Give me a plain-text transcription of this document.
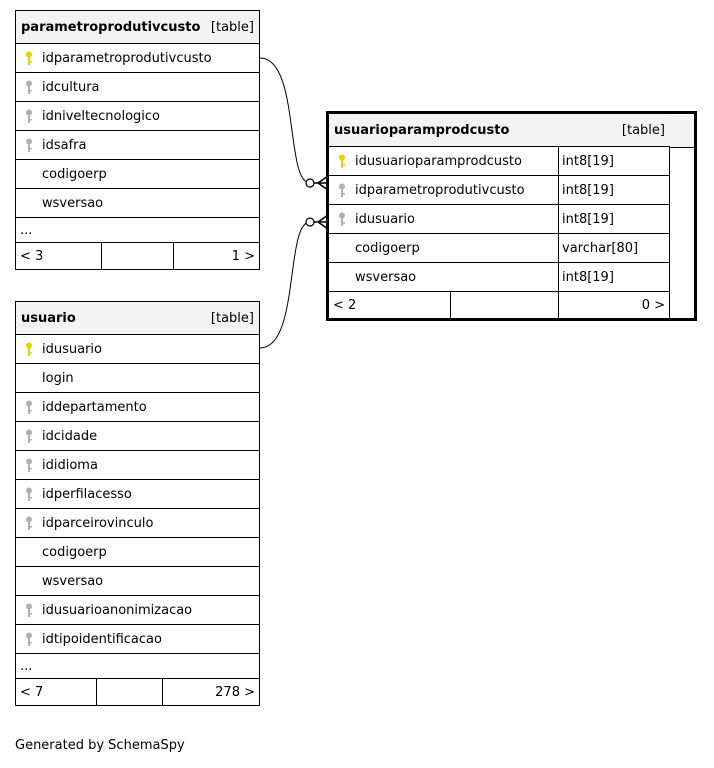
parametroprodutivcusto [table]
idparametroprodutivcusto
idcultura
idniveltecnologico
idsafra
codigoerp
wsversao
...
< 3	1 >
usuarioparamprodcusto	[table]
idusuarioparamprodcusto	int8[19]
idparametroprodutivcusto	int8[19]
idusuario	int8[19]
codigoerp	varchar[80]
wsversao	int8[19]
< 2	0 >
usuario	[table]
idusuario
login
iddepartamento
idcidade
ididioma
idperfilacesso
idparceirovinculo
codigoerp
wsversao
idusuarioanonimizacao
idtipoidentificacao
...
< 7	278 >
Generated by SchemaSpy
